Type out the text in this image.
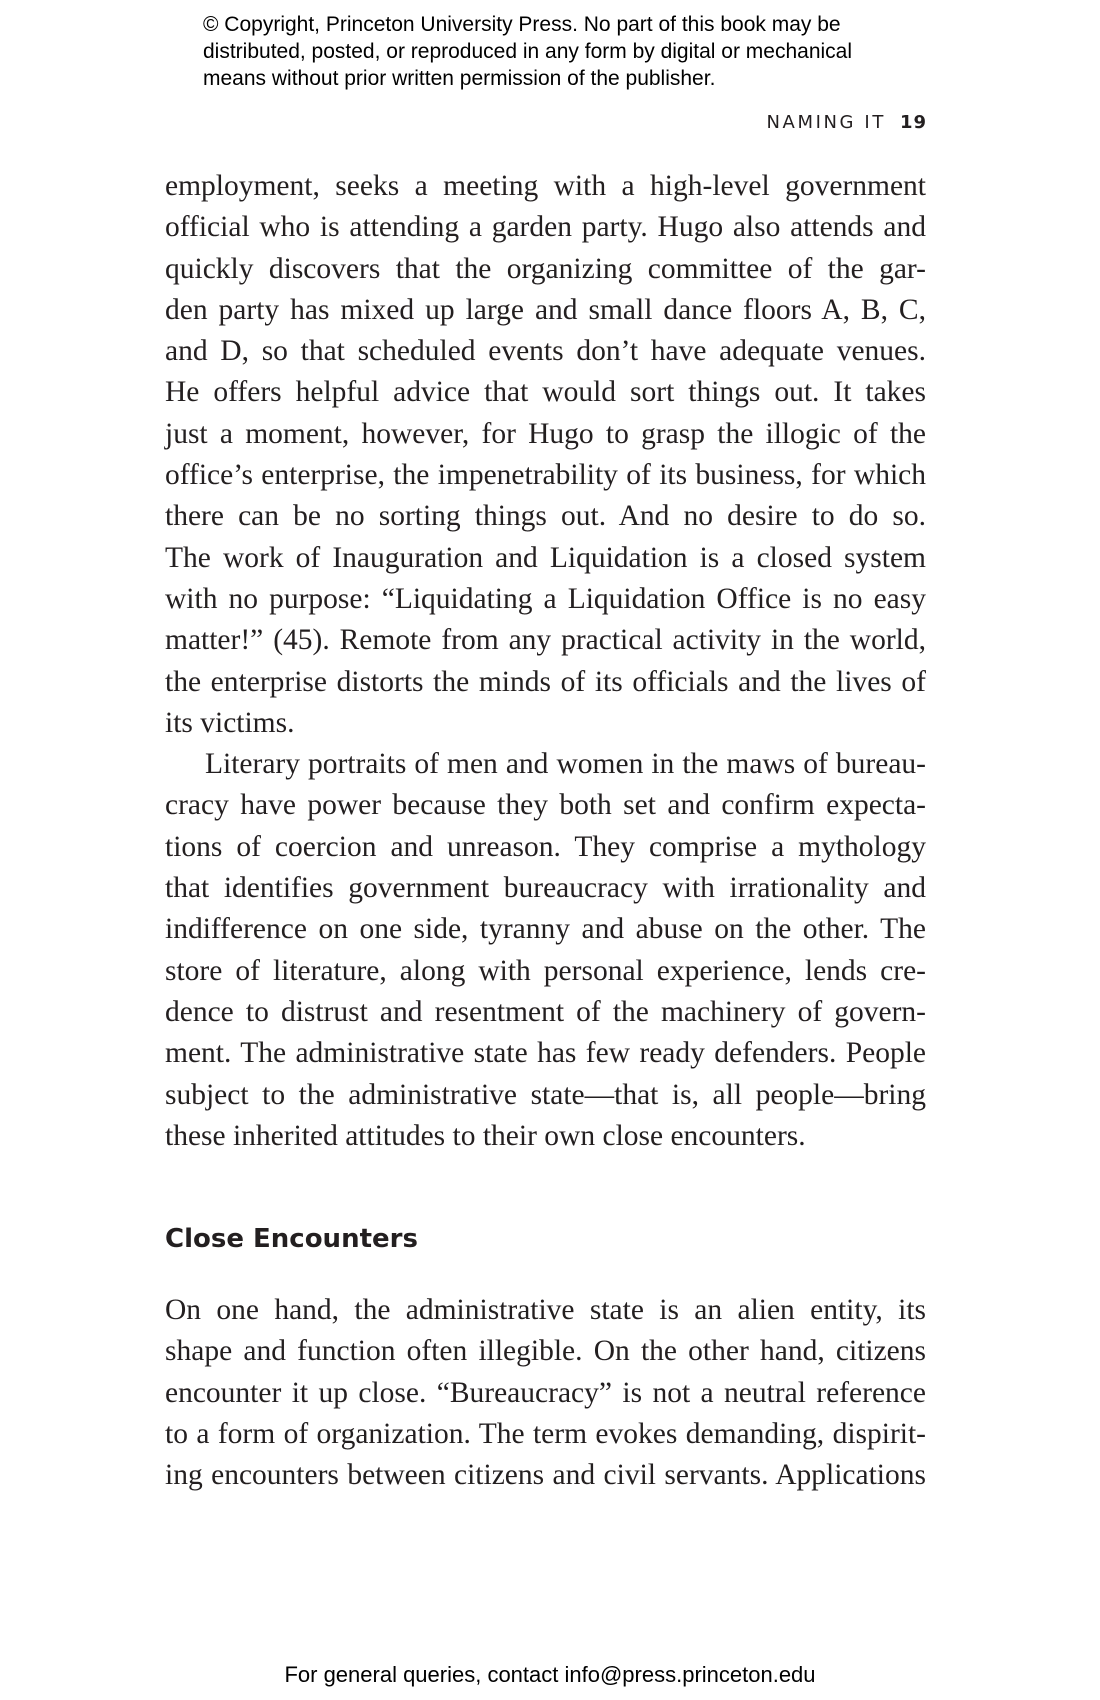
© Copyright, Princeton University Press. No part of this book may be

distributed, posted, or reproduced in any form by digital or mechanical

means without prior written permission of the publisher.

NAMING IT 19
employment, seeks a meeting with a high-level government
official who is attending a garden party. Hugo also attends and
quickly discovers that the organizing committee of the gar-
den party has mixed up large and small dance floors A, B, C,
and D, so that scheduled events don’t have adequate venues.
He offers helpful advice that would sort things out. It takes
just a moment, however, for Hugo to grasp the illogic of the
office’s enterprise, the impenetrability of its business, for which
there can be no sorting things out. And no desire to do so.
The work of Inauguration and Liquidation is a closed system
with no purpose: “Liquidating a Liquidation Office is no easy
matter!” (45). Remote from any practical activity in the world,
the enterprise distorts the minds of its officials and the lives of
its victims.
Literary portraits of men and women in the maws of bureau-
cracy have power because they both set and confirm expecta-
tions of coercion and unreason. They comprise a mythology
that identifies government bureaucracy with irrationality and
indifference on one side, tyranny and abuse on the other. The
store of literature, along with personal experience, lends cre-
dence to distrust and resentment of the machinery of govern-
ment. The administrative state has few ready defenders. People
subject to the administrative state—that is, all people—bring
these inherited attitudes to their own close encounters.
Close Encounters
On one hand, the administrative state is an alien entity, its
shape and function often illegible. On the other hand, citizens
encounter it up close. “Bureaucracy” is not a neutral reference
to a form of organization. The term evokes demanding, dispirit-
ing encounters between citizens and civil servants. Applications
For general queries, contact info@press.princeton.edu
